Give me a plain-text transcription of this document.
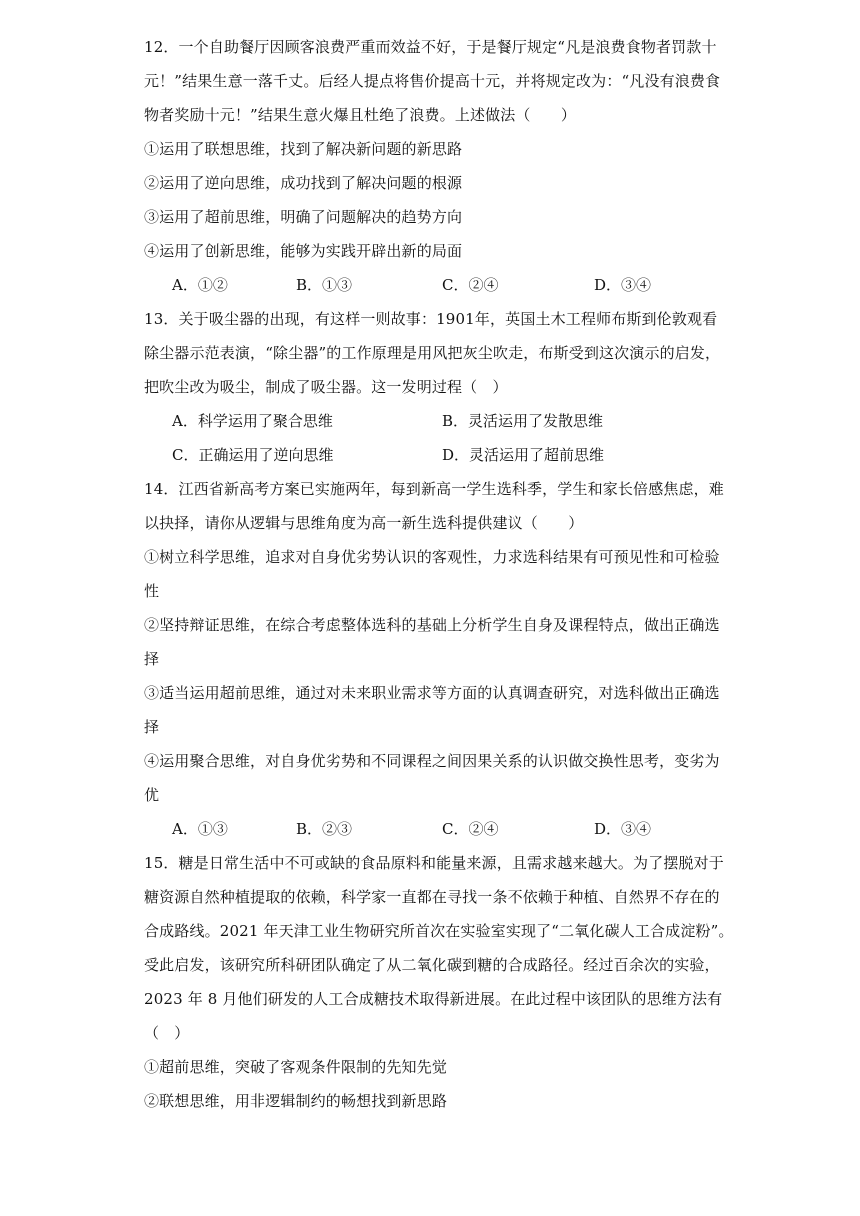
12．一个自助餐厅因顾客浪费严重而效益不好，于是餐厅规定“凡是浪费食物者罚款十
元！”结果生意一落千丈。后经人提点将售价提高十元，并将规定改为：“凡没有浪费食
物者奖励十元！”结果生意火爆且杜绝了浪费。上述做法（　　）
①运用了联想思维，找到了解决新问题的新思路
②运用了逆向思维，成功找到了解决问题的根源
③运用了超前思维，明确了问题解决的趋势方向
④运用了创新思维，能够为实践开辟出新的局面
A．①②	B．①③	C．②④	D．③④
13．关于吸尘器的出现，有这样一则故事：1901年，英国土木工程师布斯到伦敦观看
除尘器示范表演，“除尘器”的工作原理是用风把灰尘吹走，布斯受到这次演示的启发，
把吹尘改为吸尘，制成了吸尘器。这一发明过程（　）
A．科学运用了聚合思维	B．灵活运用了发散思维
C．正确运用了逆向思维	D．灵活运用了超前思维
14．江西省新高考方案已实施两年，每到新高一学生选科季，学生和家长倍感焦虑，难
以抉择，请你从逻辑与思维角度为高一新生选科提供建议（　　）
①树立科学思维，追求对自身优劣势认识的客观性，力求选科结果有可预见性和可检验
性
②坚持辩证思维，在综合考虑整体选科的基础上分析学生自身及课程特点，做出正确选
择
③适当运用超前思维，通过对未来职业需求等方面的认真调查研究，对选科做出正确选
择
④运用聚合思维，对自身优劣势和不同课程之间因果关系的认识做交换性思考，变劣为
优
A．①③	B．②③	C．②④	D．③④
15．糖是日常生活中不可或缺的食品原料和能量来源，且需求越来越大。为了摆脱对于
糖资源自然种植提取的依赖，科学家一直都在寻找一条不依赖于种植、自然界不存在的
合成路线。2021 年天津工业生物研究所首次在实验室实现了“二氧化碳人工合成淀粉”。
受此启发，该研究所科研团队确定了从二氧化碳到糖的合成路径。经过百余次的实验，
2023 年 8 月他们研发的人工合成糖技术取得新进展。在此过程中该团队的思维方法有
（　）
①超前思维，突破了客观条件限制的先知先觉
②联想思维，用非逻辑制约的畅想找到新思路
